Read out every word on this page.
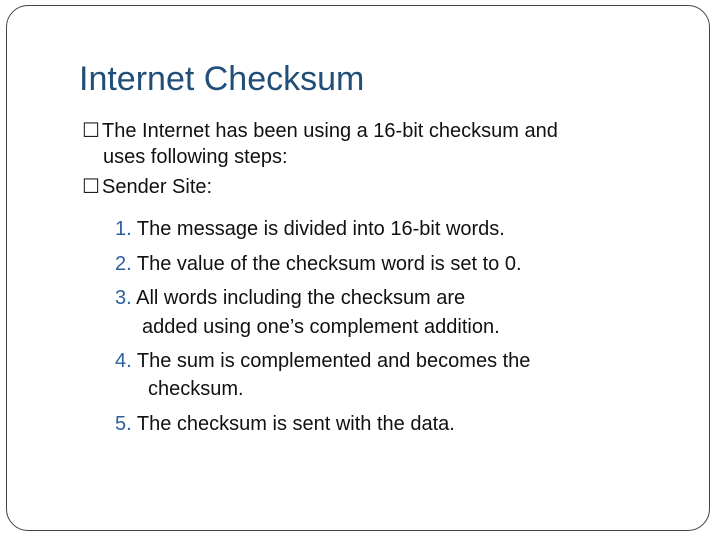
Internet Checksum
☐ The Internet has been using a 16-bit checksum and
uses following steps:
☐ Sender Site:
1. The message is divided into 16-bit words.
2. The value of the checksum word is set to 0.
3. All words including the checksum are
added using one’s complement addition.
4. The sum is complemented and becomes the
checksum.
5. The checksum is sent with the data.
